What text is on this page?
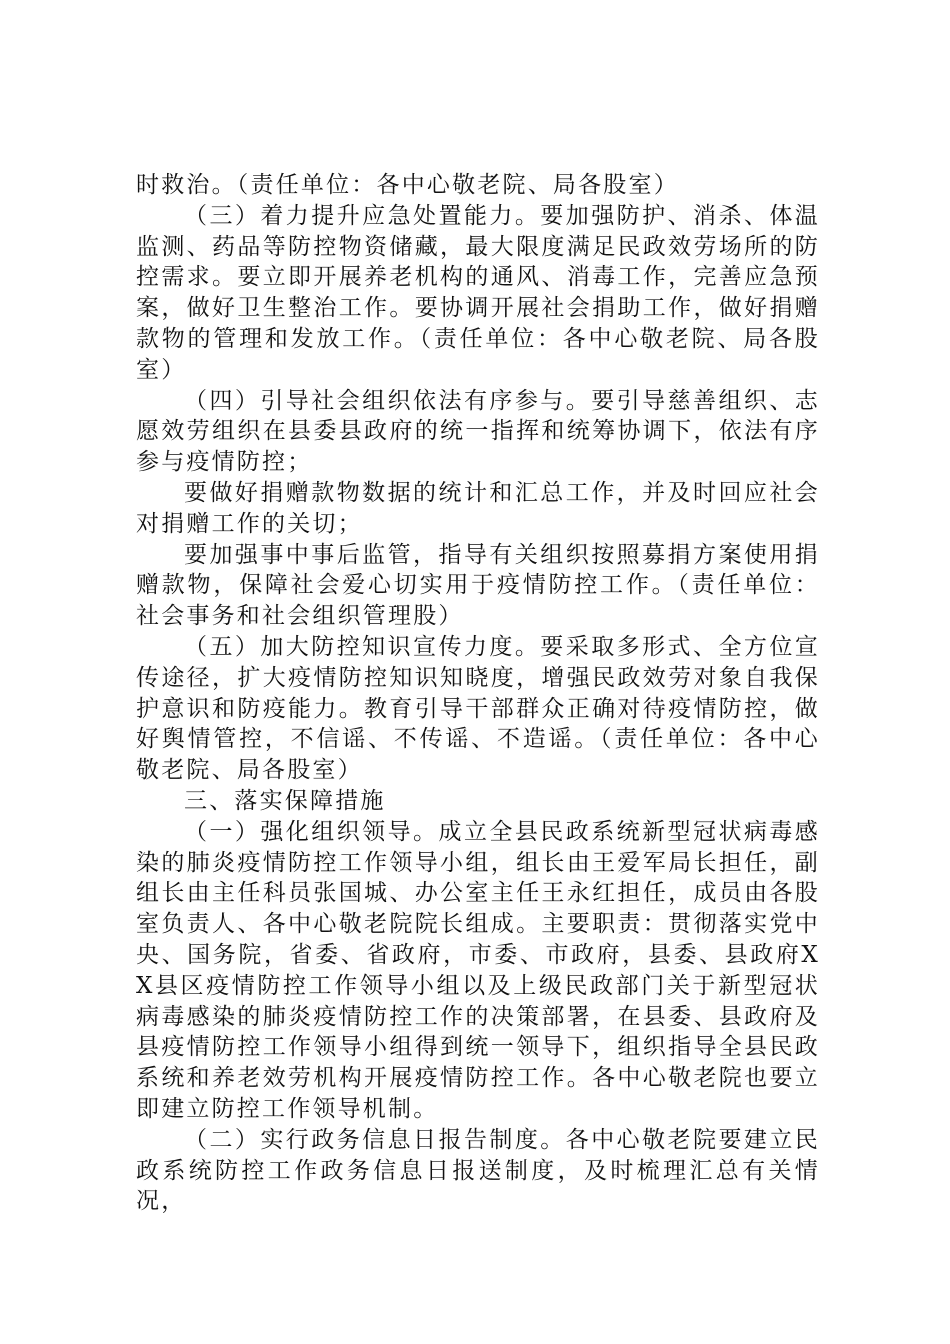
时救治。（责任单位：各中心敬老院、局各股室）

（三）着力提升应急处置能力。要加强防护、消杀、体温监测、药品等防控物资储藏，最大限度满足民政效劳场所的防控需求。要立即开展养老机构的通风、消毒工作，完善应急预案，做好卫生整治工作。要协调开展社会捐助工作，做好捐赠款物的管理和发放工作。（责任单位：各中心敬老院、局各股室）

（四）引导社会组织依法有序参与。要引导慈善组织、志愿效劳组织在县委县政府的统一指挥和统筹协调下，依法有序参与疫情防控；

要做好捐赠款物数据的统计和汇总工作，并及时回应社会对捐赠工作的关切；

要加强事中事后监管，指导有关组织按照募捐方案使用捐赠款物，保障社会爱心切实用于疫情防控工作。（责任单位：社会事务和社会组织管理股）

（五）加大防控知识宣传力度。要采取多形式、全方位宣传途径，扩大疫情防控知识知晓度，增强民政效劳对象自我保护意识和防疫能力。教育引导干部群众正确对待疫情防控，做好舆情管控，不信谣、不传谣、不造谣。（责任单位：各中心敬老院、局各股室）

三、落实保障措施

（一）强化组织领导。成立全县民政系统新型冠状病毒感染的肺炎疫情防控工作领导小组，组长由王爱军局长担任，副组长由主任科员张国城、办公室主任王永红担任，成员由各股室负责人、各中心敬老院院长组成。主要职责：贯彻落实党中央、国务院，省委、省政府，市委、市政府，县委、县政府XX县区疫情防控工作领导小组以及上级民政部门关于新型冠状病毒感染的肺炎疫情防控工作的决策部署，在县委、县政府及县疫情防控工作领导小组得到统一领导下，组织指导全县民政系统和养老效劳机构开展疫情防控工作。各中心敬老院也要立即建立防控工作领导机制。

（二）实行政务信息日报告制度。各中心敬老院要建立民政系统防控工作政务信息日报送制度，及时梳理汇总有关情况，
